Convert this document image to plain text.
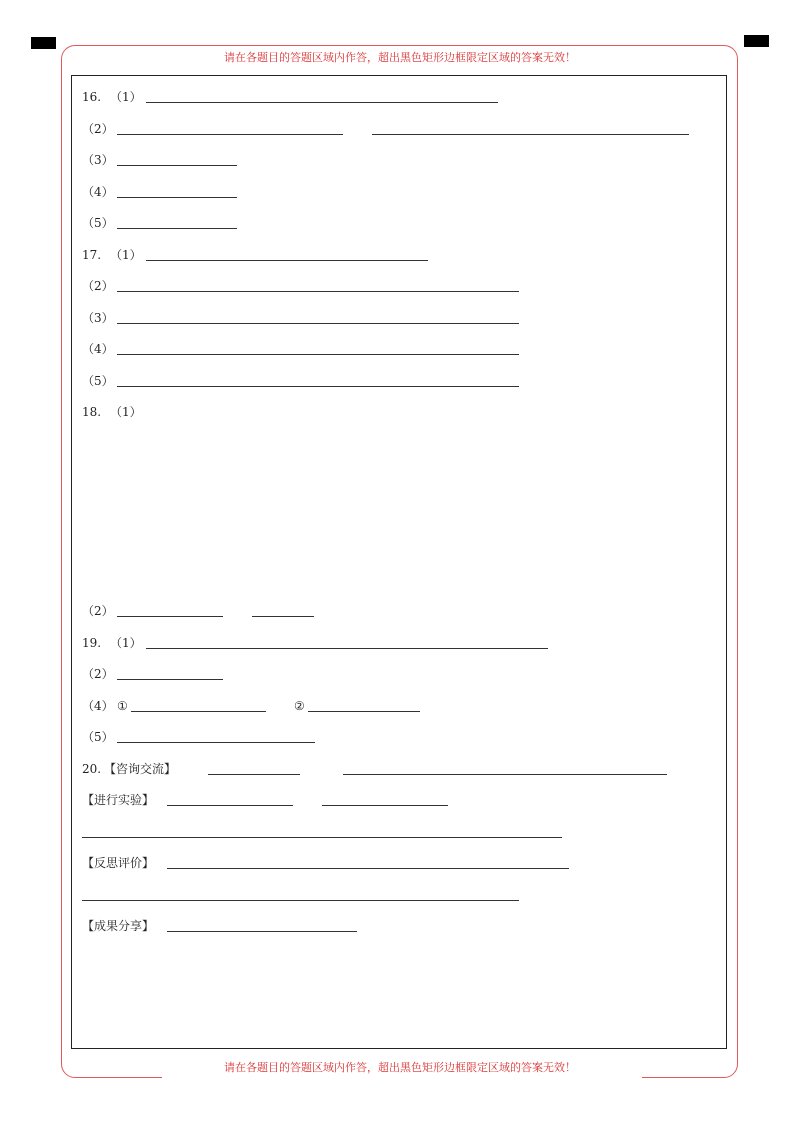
请在各题目的答题区域内作答，超出黑色矩形边框限定区域的答案无效！
请在各题目的答题区域内作答，超出黑色矩形边框限定区域的答案无效！
16. （1）
（2）
（3）
（4）
（5）
17. （1）
（2）
（3）
（4）
（5）
18. （1）
（2）
19. （1）
（2）
（4） ①	②
（5）
20. 【咨询交流】
【进行实验】
【反思评价】
【成果分享】
